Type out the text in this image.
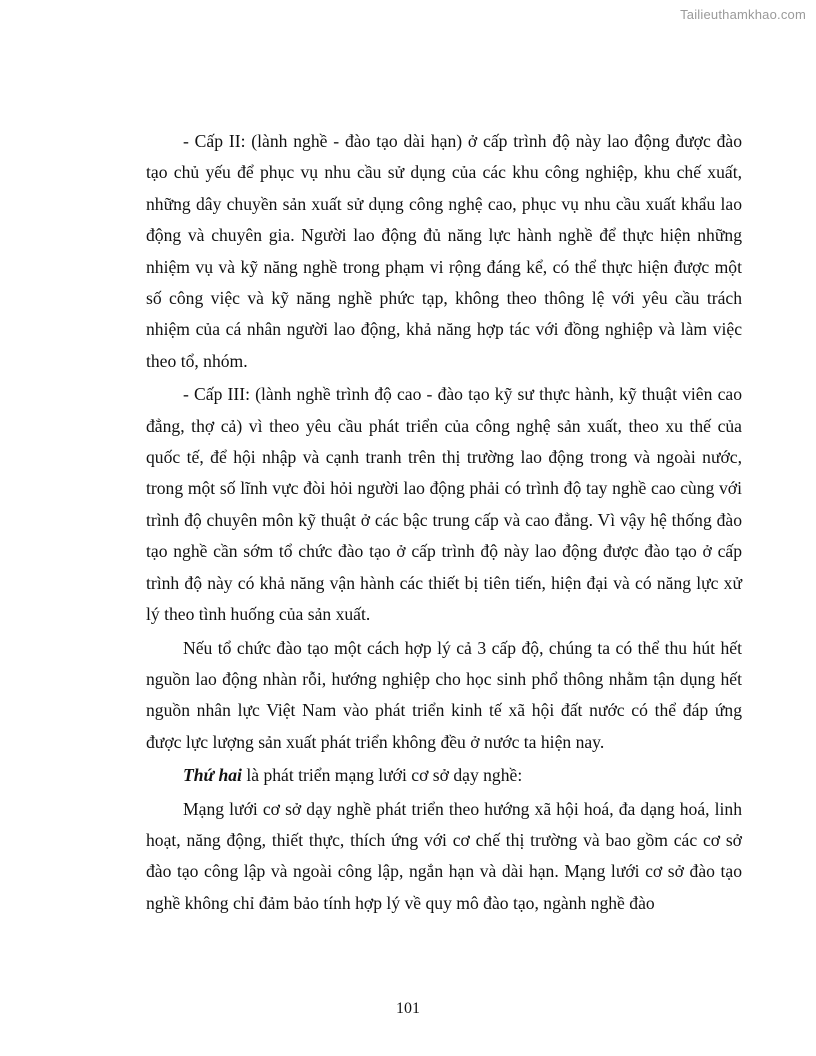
Tailieuthamkhao.com

- Cấp II: (lành nghề - đào tạo dài hạn) ở cấp trình độ này lao động được đào tạo chủ yếu để phục vụ nhu cầu sử dụng của các khu công nghiệp, khu chế xuất, những dây chuyền sản xuất sử dụng công nghệ cao, phục vụ nhu cầu xuất khẩu lao động và chuyên gia. Người lao động đủ năng lực hành nghề để thực hiện những nhiệm vụ và kỹ năng nghề trong phạm vi rộng đáng kể, có thể thực hiện được một số công việc và kỹ năng nghề phức tạp, không theo thông lệ với yêu cầu trách nhiệm của cá nhân người lao động, khả năng hợp tác với đồng nghiệp và làm việc theo tổ, nhóm.

- Cấp III: (lành nghề trình độ cao - đào tạo kỹ sư thực hành, kỹ thuật viên cao đẳng, thợ cả) vì theo yêu cầu phát triển của công nghệ sản xuất, theo xu thế của quốc tế, để hội nhập và cạnh tranh trên thị trường lao động trong và ngoài nước, trong một số lĩnh vực đòi hỏi người lao động phải có trình độ tay nghề cao cùng với trình độ chuyên môn kỹ thuật ở các bậc trung cấp và cao đẳng. Vì vậy hệ thống đào tạo nghề cần sớm tổ chức đào tạo ở cấp trình độ này lao động được đào tạo ở cấp trình độ này có khả năng vận hành các thiết bị tiên tiến, hiện đại và có năng lực xử lý theo tình huống của sản xuất.

Nếu tổ chức đào tạo một cách hợp lý cả 3 cấp độ, chúng ta có thể thu hút hết nguồn lao động nhàn rỗi, hướng nghiệp cho học sinh phổ thông nhằm tận dụng hết nguồn nhân lực Việt Nam vào phát triển kinh tế xã hội đất nước có thể đáp ứng được lực lượng sản xuất phát triển không đều ở nước ta hiện nay.

Thứ hai là phát triển mạng lưới cơ sở dạy nghề:

Mạng lưới cơ sở dạy nghề phát triển theo hướng xã hội hoá, đa dạng hoá, linh hoạt, năng động, thiết thực, thích ứng với cơ chế thị trường và bao gồm các cơ sở đào tạo công lập và ngoài công lập, ngắn hạn và dài hạn. Mạng lưới cơ sở đào tạo nghề không chỉ đảm bảo tính hợp lý về quy mô đào tạo, ngành nghề đào

101
